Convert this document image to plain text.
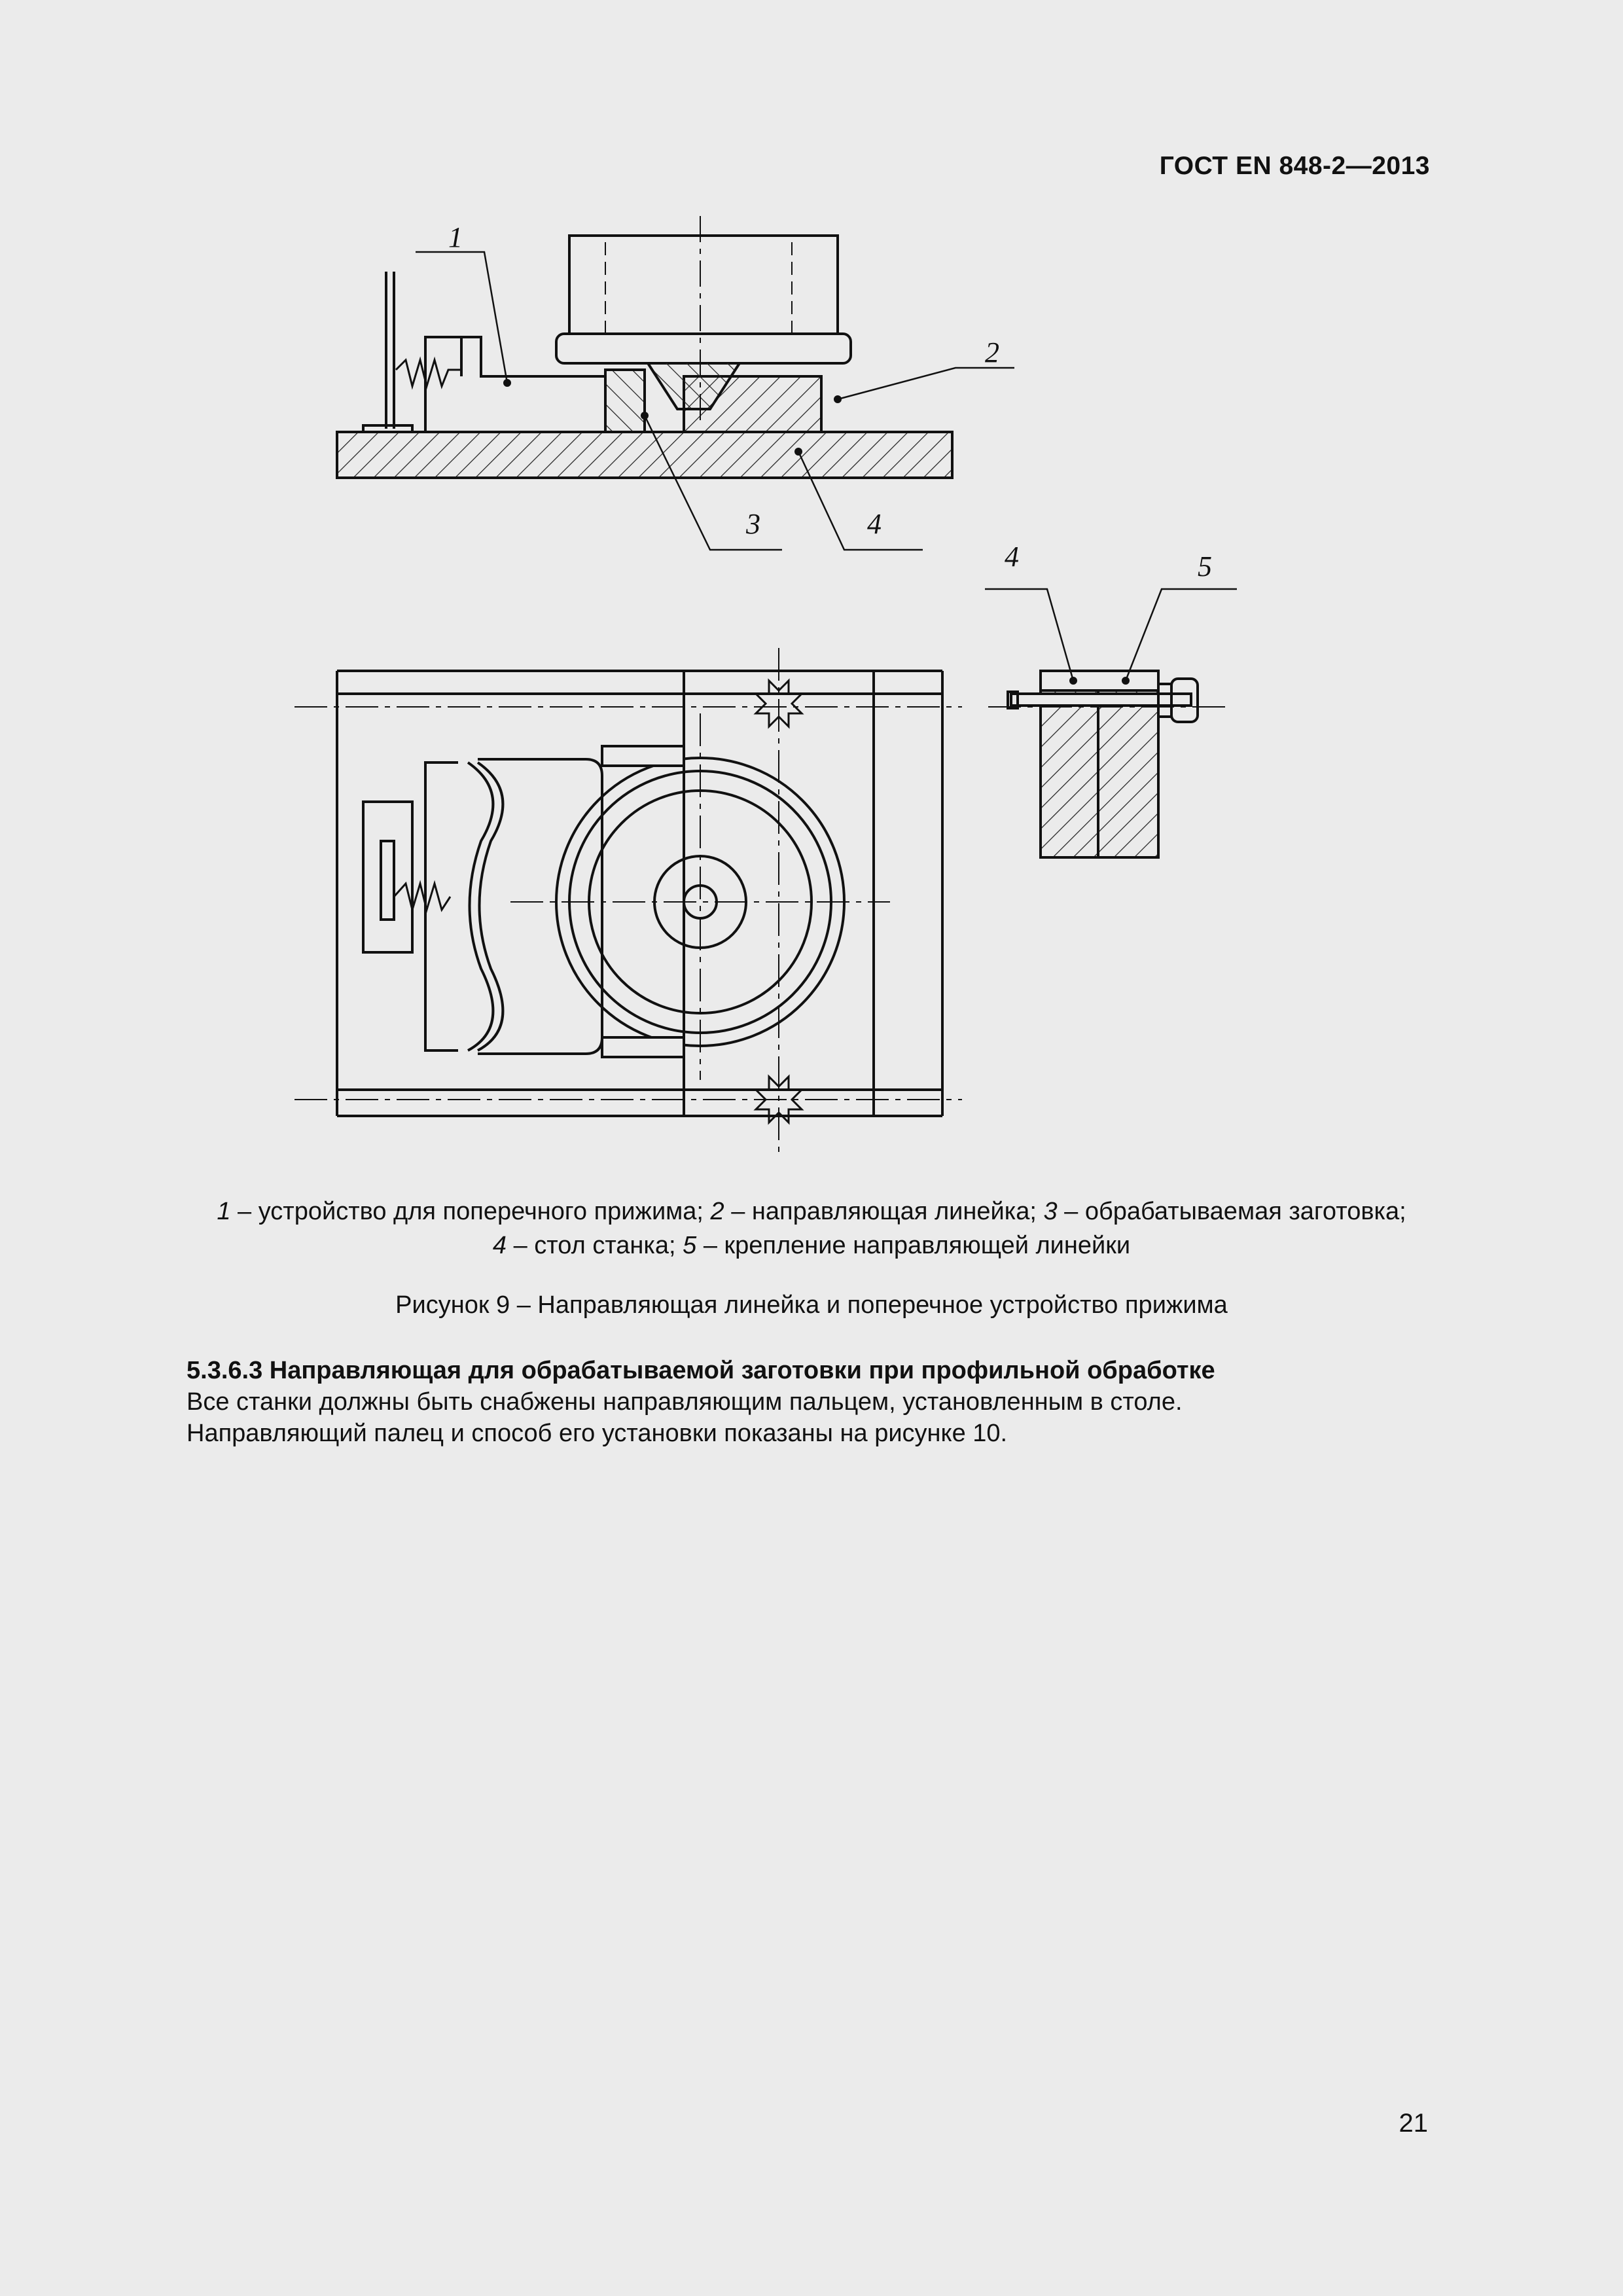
ГОСТ EN 848-2—2013
1
2
3	4
4	5
1 – устройство для поперечного прижима; 2 – направляющая линейка; 3 – обрабатываемая заготовка;
4 – стол станка; 5 – крепление направляющей линейки
Рисунок 9 – Направляющая линейка и поперечное устройство прижима
5.3.6.3 Направляющая для обрабатываемой заготовки при профильной обработке
Все станки должны быть снабжены направляющим пальцем, установленным в столе.
Направляющий палец и способ его установки показаны на рисунке 10.
21
